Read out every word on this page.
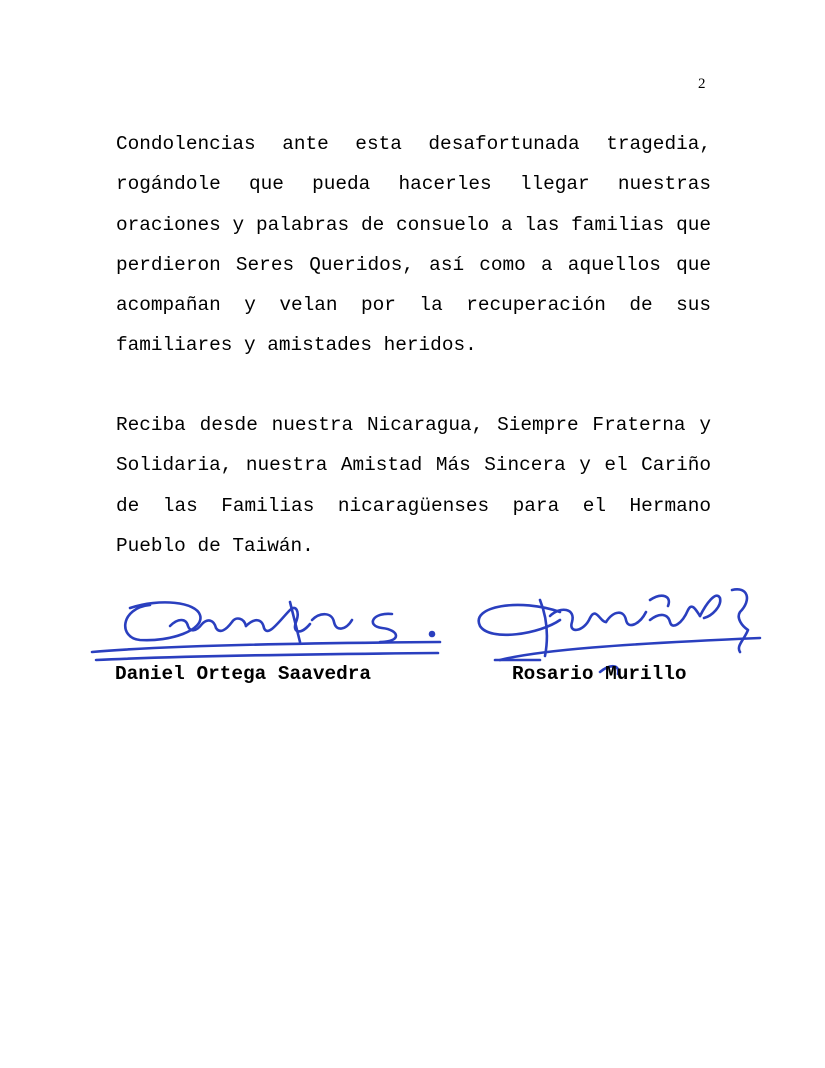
2

Condolencias ante esta desafortunada tragedia, rogándole que pueda hacerles llegar nuestras oraciones y palabras de consuelo a las familias que perdieron Seres Queridos, así como a aquellos que acompañan y velan por la recuperación de sus familiares y amistades heridos.

Reciba desde nuestra Nicaragua, Siempre Fraterna y Solidaria, nuestra Amistad Más Sincera y el Cariño de las Familias nicaragüenses para el Hermano Pueblo de Taiwán.

Daniel Ortega Saavedra	Rosario Murillo
